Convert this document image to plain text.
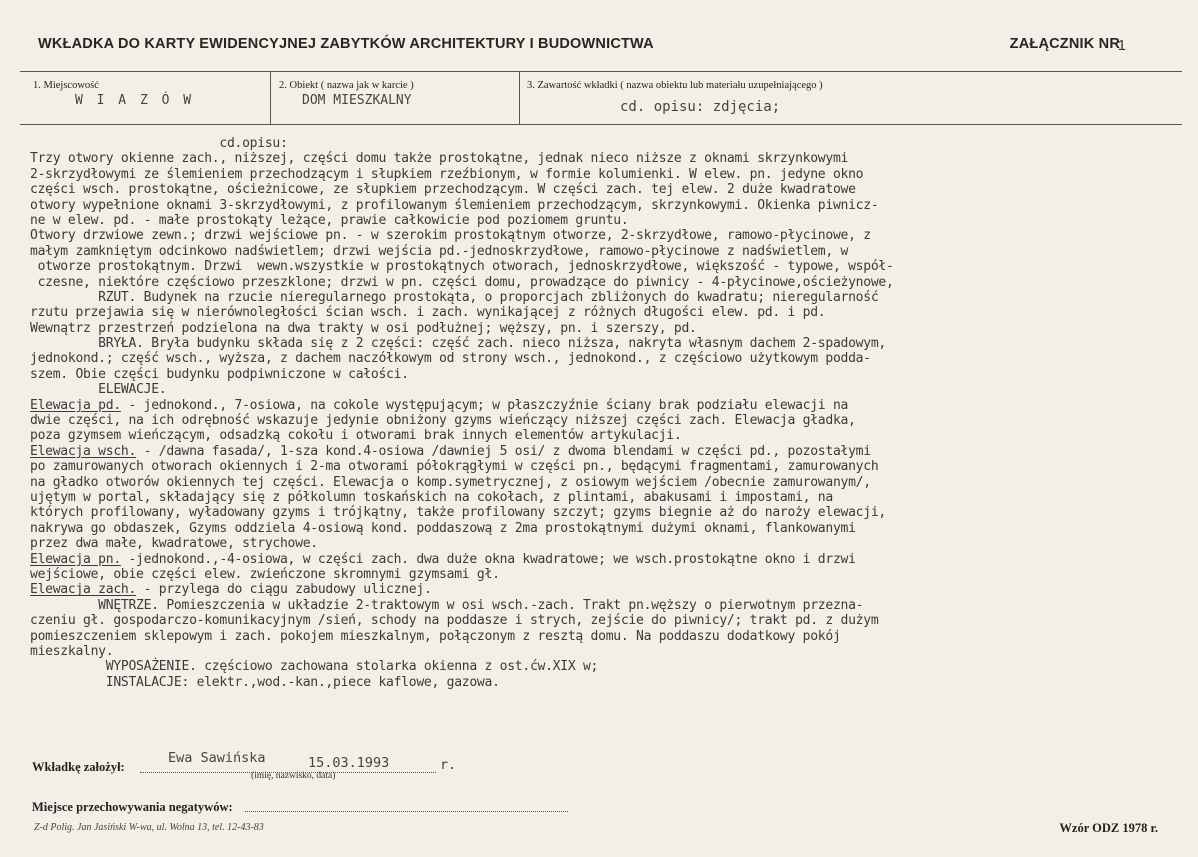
WKŁADKA DO KARTY EWIDENCYJNEJ ZABYTKÓW ARCHITEKTURY I BUDOWNICTWA	ZAŁĄCZNIK NR
1
1. Miejscowość
W I A Z Ó W
2. Obiekt ( nazwa jak w karcie )
DOM MIESZKALNY
3. Zawartość wkładki ( nazwa obiektu lub materiału uzupełniającego )
cd. opisu: zdjęcia;
cd.opisu:
Trzy otwory okienne zach., niższej, części domu także prostokątne, jednak nieco niższe z oknami skrzynkowymi
2-skrzydłowymi ze ślemieniem przechodzącym i słupkiem rzeźbionym, w formie kolumienki. W elew. pn. jedyne okno
części wsch. prostokątne, ościeżnicowe, ze słupkiem przechodzącym. W części zach. tej elew. 2 duże kwadratowe
otwory wypełnione oknami 3-skrzydłowymi, z profilowanym ślemieniem przechodzącym, skrzynkowymi. Okienka piwnicz-
ne w elew. pd. - małe prostokąty leżące, prawie całkowicie pod poziomem gruntu.
Otwory drzwiowe zewn.; drzwi wejściowe pn. - w szerokim prostokątnym otworze, 2-skrzydłowe, ramowo-płycinowe, z
małym zamkniętym odcinkowo nadświetlem; drzwi wejścia pd.-jednoskrzydłowe, ramowo-płycinowe z nadświetlem, w
otworze prostokątnym. Drzwi  wewn.wszystkie w prostokątnych otworach, jednoskrzydłowe, większość - typowe, współ-
czesne, niektóre częściowo przeszklone; drzwi w pn. części domu, prowadzące do piwnicy - 4-płycinowe,ościeżynowe,
RZUT. Budynek na rzucie nieregularnego prostokąta, o proporcjach zbliżonych do kwadratu; nieregularność
rzutu przejawia się w nierównoległości ścian wsch. i zach. wynikającej z różnych długości elew. pd. i pd.
Wewnątrz przestrzeń podzielona na dwa trakty w osi podłużnej; węższy, pn. i szerszy, pd.
BRYŁA. Bryła budynku składa się z 2 części: część zach. nieco niższa, nakryta własnym dachem 2-spadowym,
jednokond.; część wsch., wyższa, z dachem naczółkowym od strony wsch., jednokond., z częściowo użytkowym podda-
szem. Obie części budynku podpiwniczone w całości.
ELEWACJE.
Elewacja pd. - jednokond., 7-osiowa, na cokole występującym; w płaszczyźnie ściany brak podziału elewacji na
dwie części, na ich odrębność wskazuje jedynie obniżony gzyms wieńczący niższej części zach. Elewacja gładka,
poza gzymsem wieńczącym, odsadzką cokołu i otworami brak innych elementów artykulacji.
Elewacja wsch. - /dawna fasada/, 1-sza kond.4-osiowa /dawniej 5 osi/ z dwoma blendami w części pd., pozostałymi
po zamurowanych otworach okiennych i 2-ma otworami półokrągłymi w części pn., będącymi fragmentami, zamurowanych
na gładko otworów okiennych tej części. Elewacja o komp.symetrycznej, z osiowym wejściem /obecnie zamurowanym/,
ujętym w portal, składający się z półkolumn toskańskich na cokołach, z plintami, abakusami i impostami, na
których profilowany, wyładowany gzyms i trójkątny, także profilowany szczyt; gzyms biegnie aż do naroży elewacji,
nakrywa go obdaszek, Gzyms oddziela 4-osiową kond. poddaszową z 2ma prostokątnymi dużymi oknami, flankowanymi
przez dwa małe, kwadratowe, strychowe.
Elewacja pn. -jednokond.,-4-osiowa, w części zach. dwa duże okna kwadratowe; we wsch.prostokątne okno i drzwi
wejściowe, obie części elew. zwieńczone skromnymi gzymsami gł.
Elewacja zach. - przylega do ciągu zabudowy ulicznej.
WNĘTRZE. Pomieszczenia w układzie 2-traktowym w osi wsch.-zach. Trakt pn.węższy o pierwotnym przezna-
czeniu gł. gospodarczo-komunikacyjnym /sień, schody na poddasze i strych, zejście do piwnicy/; trakt pd. z dużym
pomieszczeniem sklepowym i zach. pokojem mieszkalnym, połączonym z resztą domu. Na poddaszu dodatkowy pokój
mieszkalny.
WYPOSAŻENIE. częściowo zachowana stolarka okienna z ost.ćw.XIX w;
INSTALACJE: elektr.,wod.-kan.,piece kaflowe, gazowa.
Wkładkę założył:
Ewa Sawińska	15.03.1993	r.
(imię, nazwisko, data)
Miejsce przechowywania negatywów:
Z-d Polig. Jan Jasiński W-wa, ul. Wolna 13, tel. 12-43-83	Wzór ODZ 1978 r.
